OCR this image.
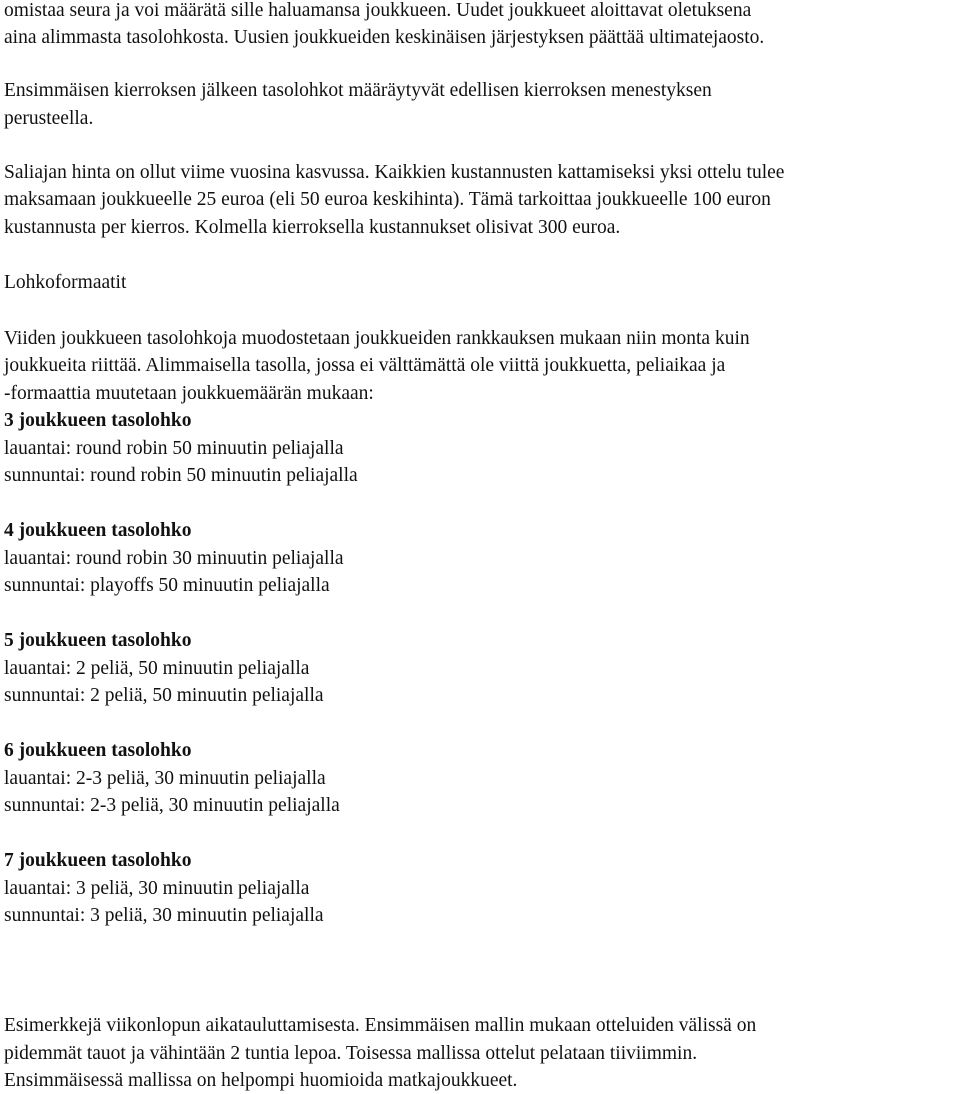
omistaa seura ja voi määrätä sille haluamansa joukkueen. Uudet joukkueet aloittavat oletuksena
aina alimmasta tasolohkosta. Uusien joukkueiden keskinäisen järjestyksen päättää ultimatejaosto.
Ensimmäisen kierroksen jälkeen tasolohkot määräytyvät edellisen kierroksen menestyksen
perusteella.
Saliajan hinta on ollut viime vuosina kasvussa. Kaikkien kustannusten kattamiseksi yksi ottelu tulee
maksamaan joukkueelle 25 euroa (eli 50 euroa keskihinta). Tämä tarkoittaa joukkueelle 100 euron
kustannusta per kierros. Kolmella kierroksella kustannukset olisivat 300 euroa.
Lohkoformaatit
Viiden joukkueen tasolohkoja muodostetaan joukkueiden rankkauksen mukaan niin monta kuin
joukkueita riittää. Alimmaisella tasolla, jossa ei välttämättä ole viittä joukkuetta, peliaikaa ja
-formaattia muutetaan joukkuemäärän mukaan:
3 joukkueen tasolohko
lauantai: round robin 50 minuutin peliajalla
sunnuntai: round robin 50 minuutin peliajalla
4 joukkueen tasolohko
lauantai: round robin 30 minuutin peliajalla
sunnuntai: playoffs 50 minuutin peliajalla
5 joukkueen tasolohko
lauantai: 2 peliä, 50 minuutin peliajalla
sunnuntai: 2 peliä, 50 minuutin peliajalla
6 joukkueen tasolohko
lauantai: 2-3 peliä, 30 minuutin peliajalla
sunnuntai: 2-3 peliä, 30 minuutin peliajalla
7 joukkueen tasolohko
lauantai: 3 peliä, 30 minuutin peliajalla
sunnuntai: 3 peliä, 30 minuutin peliajalla
Esimerkkejä viikonlopun aikatauluttamisesta. Ensimmäisen mallin mukaan otteluiden välissä on
pidemmät tauot ja vähintään 2 tuntia lepoa. Toisessa mallissa ottelut pelataan tiiviimmin.
Ensimmäisessä mallissa on helpompi huomioida matkajoukkueet.
